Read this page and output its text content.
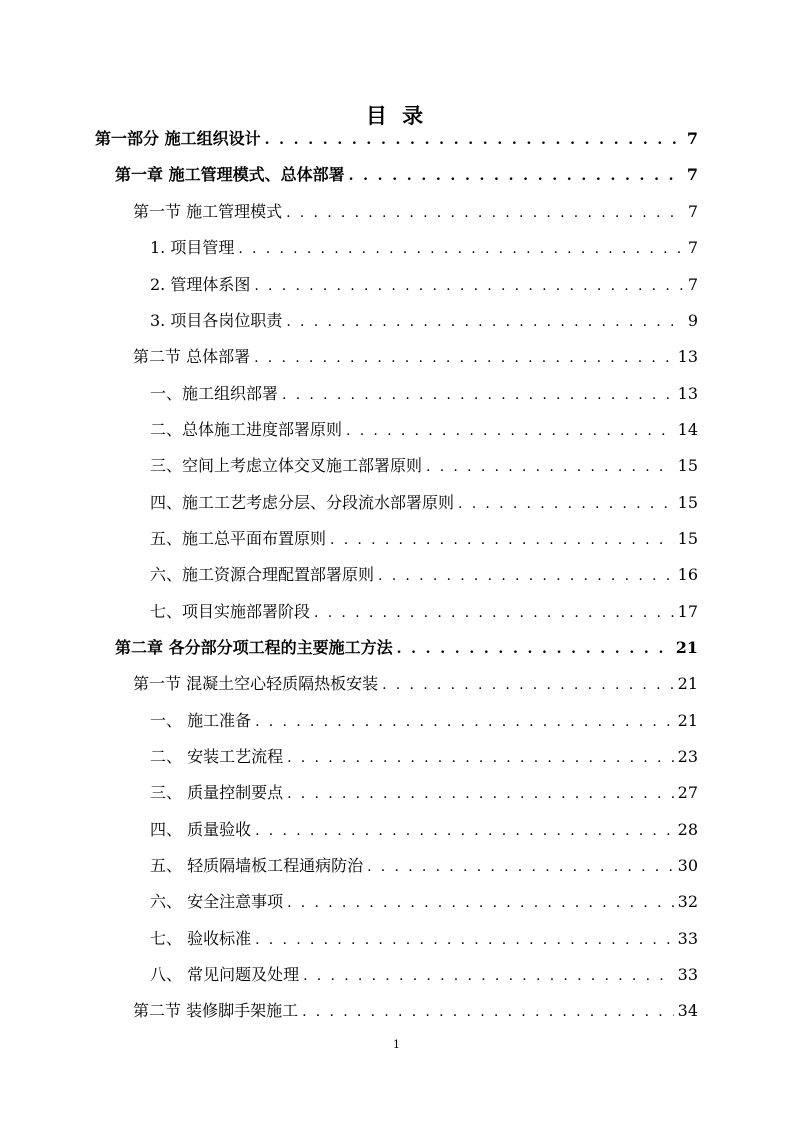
目 录
第一部分 施工组织设计 . . .	7
第一章 施工管理模式、总体部署 . . .	7
第一节 施工管理模式 . . .	7
1. 项目管理 . . .	7
2. 管理体系图 . . .	7
3. 项目各岗位职责 . . .	9
第二节 总体部署 . . .	13
一、施工组织部署 . . .	13
二、总体施工进度部署原则 . . .	14
三、空间上考虑立体交叉施工部署原则 . . .	15
四、施工工艺考虑分层、分段流水部署原则 . . .	15
五、施工总平面布置原则 . . .	15
六、施工资源合理配置部署原则 . . .	16
七、项目实施部署阶段 . . .	17
第二章 各分部分项工程的主要施工方法 . . .	21
第一节 混凝土空心轻质隔热板安装 . . .	21
一、 施工准备 . . .	21
二、 安装工艺流程 . . .	23
三、 质量控制要点 . . .	27
四、 质量验收 . . .	28
五、 轻质隔墙板工程通病防治 . . .	30
六、 安全注意事项 . . .	32
七、 验收标准 . . .	33
八、 常见问题及处理 . . .	33
第二节 装修脚手架施工 . . .	34
1
